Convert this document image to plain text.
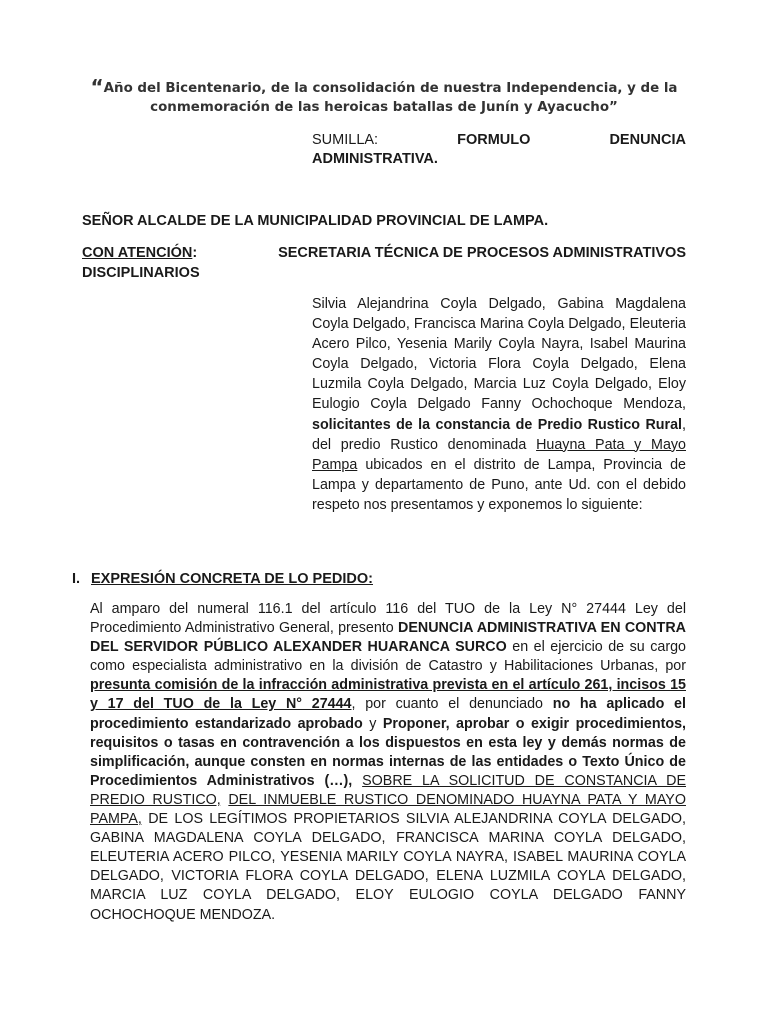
“Año del Bicentenario, de la consolidación de nuestra Independencia, y de la conmemoración de las heroicas batallas de Junín y Ayacucho”
SUMILLA:	FORMULO	DENUNCIA
ADMINISTRATIVA.
SEÑOR ALCALDE DE LA MUNICIPALIDAD PROVINCIAL DE LAMPA.
CON ATENCIÓN:	SECRETARIA TÉCNICA DE PROCESOS ADMINISTRATIVOS
DISCIPLINARIOS
Silvia Alejandrina Coyla Delgado, Gabina Magdalena Coyla Delgado, Francisca Marina Coyla Delgado, Eleuteria Acero Pilco, Yesenia Marily Coyla Nayra, Isabel Maurina Coyla Delgado, Victoria Flora Coyla Delgado, Elena Luzmila Coyla Delgado, Marcia Luz Coyla Delgado, Eloy Eulogio Coyla Delgado Fanny Ochochoque Mendoza, solicitantes de la constancia de Predio Rustico Rural, del predio Rustico denominada Huayna Pata y Mayo Pampa ubicados en el distrito de Lampa, Provincia de Lampa y departamento de Puno, ante Ud. con el debido respeto nos presentamos y exponemos lo siguiente:
I. EXPRESIÓN CONCRETA DE LO PEDIDO:
Al amparo del numeral 116.1 del artículo 116 del TUO de la Ley N° 27444 Ley del Procedimiento Administrativo General, presento DENUNCIA ADMINISTRATIVA EN CONTRA DEL SERVIDOR PÚBLICO ALEXANDER HUARANCA SURCO en el ejercicio de su cargo como especialista administrativo en la división de Catastro y Habilitaciones Urbanas, por presunta comisión de la infracción administrativa prevista en el artículo 261, incisos 15 y 17 del TUO de la Ley N° 27444, por cuanto el denunciado no ha aplicado el procedimiento estandarizado aprobado y Proponer, aprobar o exigir procedimientos, requisitos o tasas en contravención a los dispuestos en esta ley y demás normas de simplificación, aunque consten en normas internas de las entidades o Texto Único de Procedimientos Administrativos (…), SOBRE LA SOLICITUD DE CONSTANCIA DE PREDIO RUSTICO, DEL INMUEBLE RUSTICO DENOMINADO HUAYNA PATA Y MAYO PAMPA, DE LOS LEGÍTIMOS PROPIETARIOS SILVIA ALEJANDRINA COYLA DELGADO, GABINA MAGDALENA COYLA DELGADO, FRANCISCA MARINA COYLA DELGADO, ELEUTERIA ACERO PILCO, YESENIA MARILY COYLA NAYRA, ISABEL MAURINA COYLA DELGADO, VICTORIA FLORA COYLA DELGADO, ELENA LUZMILA COYLA DELGADO, MARCIA LUZ COYLA DELGADO, ELOY EULOGIO COYLA DELGADO FANNY OCHOCHOQUE MENDOZA.
